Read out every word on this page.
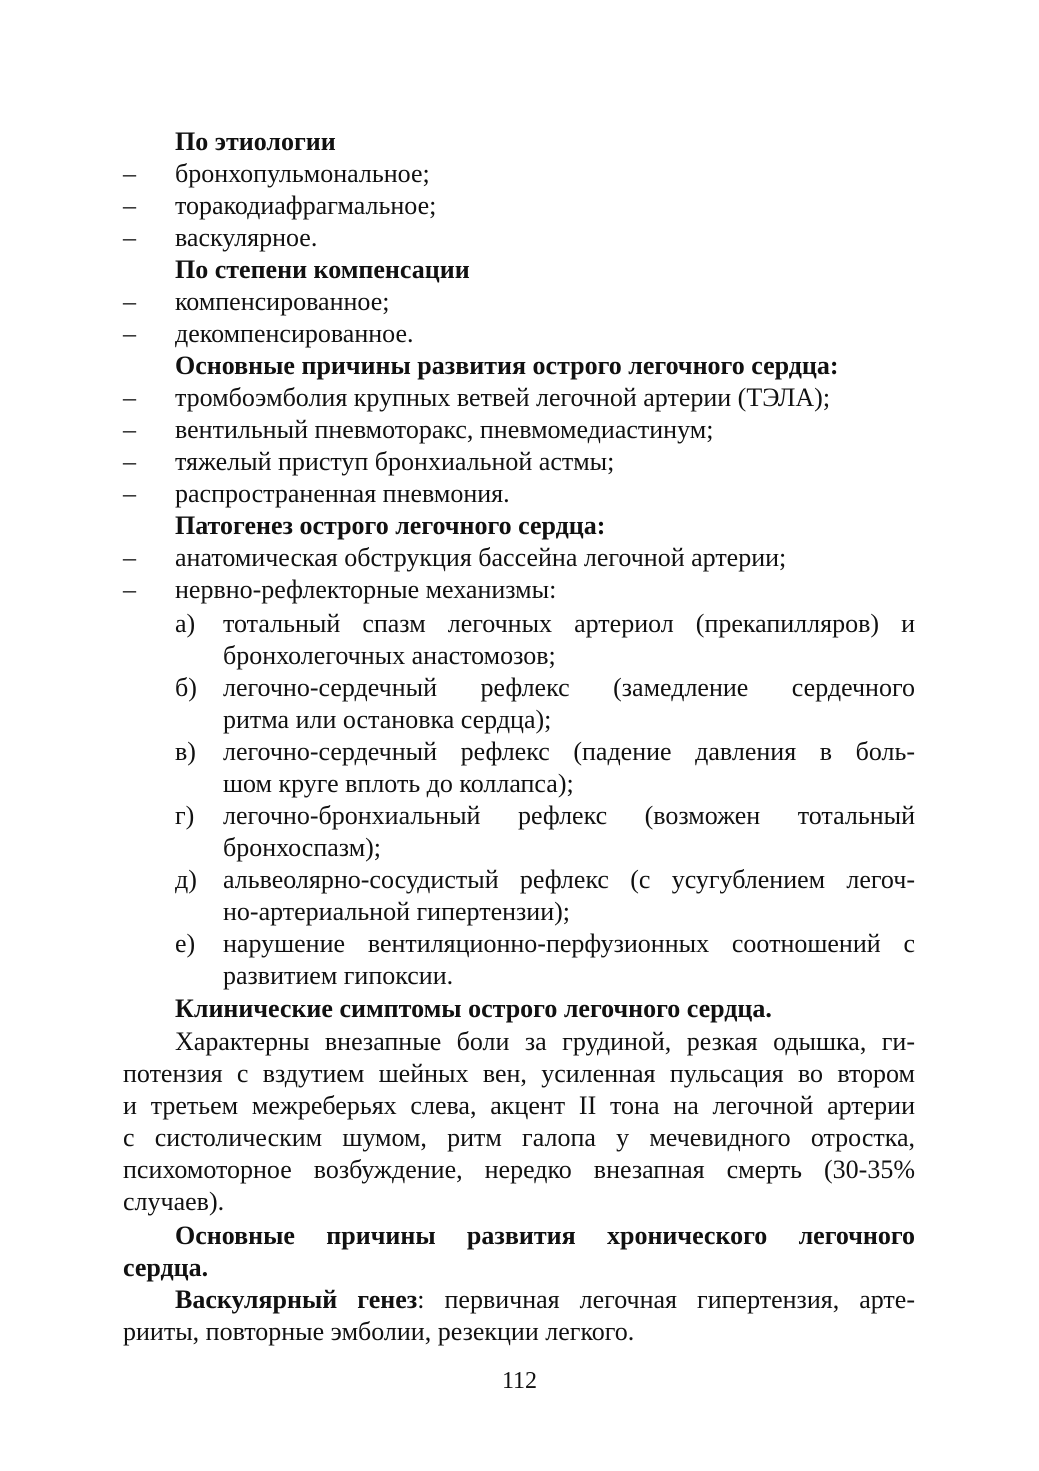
По этиологии
– бронхопульмональное;
– торакодиафрагмальное;
– васкулярное.
По степени компенсации
– компенсированное;
– декомпенсированное.
Основные причины развития острого легочного сердца:
– тромбоэмболия крупных ветвей легочной артерии (ТЭЛА);
– вентильный пневмоторакс, пневмомедиастинум;
– тяжелый приступ бронхиальной астмы;
– распространенная пневмония.
Патогенез острого легочного сердца:
– анатомическая обструкция бассейна легочной артерии;
– нервно-рефлекторные механизмы:
а) тотальный спазм легочных артериол (прекапилляров) и
бронхолегочных анастомозов;
б) легочно-сердечный рефлекс (замедление сердечного
ритма или остановка сердца);
в) легочно-сердечный рефлекс (падение давления в боль-
шом круге вплоть до коллапса);
г) легочно-бронхиальный рефлекс (возможен тотальный
бронхоспазм);
д) альвеолярно-сосудистый рефлекс (с усугублением легоч-
но-артериальной гипертензии);
е) нарушение вентиляционно-перфузионных соотношений с
развитием гипоксии.
Клинические симптомы острого легочного сердца.
Характерны внезапные боли за грудиной, резкая одышка, ги-
потензия с вздутием шейных вен, усиленная пульсация во втором
и третьем межреберьях слева, акцент II тона на легочной артерии
с систолическим шумом, ритм галопа у мечевидного отростка,
психомоторное возбуждение, нередко внезапная смерть (30-35%
случаев).
Основные причины развития хронического легочного
сердца.
Васкулярный генез: первичная легочная гипертензия, арте-
рииты, повторные эмболии, резекции легкого.
112
